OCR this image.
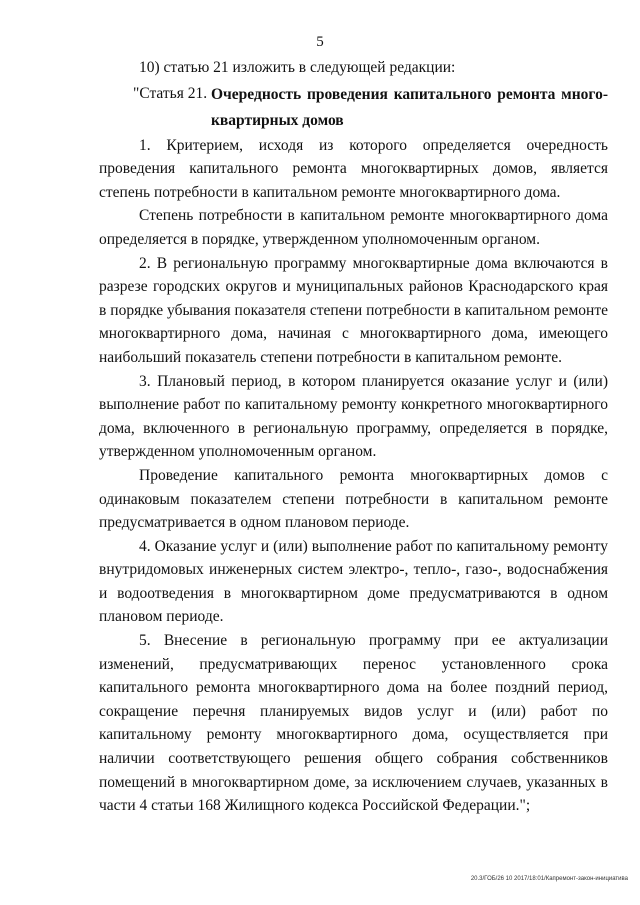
5

10) статью 21 изложить в следующей редакции:

"Статья 21. Очередность проведения капитального ремонта много-квартирных домов

1. Критерием, исходя из которого определяется очередность проведения капитального ремонта многоквартирных домов, является степень потребности в капитальном ремонте многоквартирного дома.

Степень потребности в капитальном ремонте многоквартирного дома определяется в порядке, утвержденном уполномоченным органом.

2. В региональную программу многоквартирные дома включаются в разрезе городских округов и муниципальных районов Краснодарского края в порядке убывания показателя степени потребности в капитальном ремонте многоквартирного дома, начиная с многоквартирного дома, имеющего наибольший показатель степени потребности в капитальном ремонте.

3. Плановый период, в котором планируется оказание услуг и (или) выполнение работ по капитальному ремонту конкретного многоквартирного дома, включенного в региональную программу, определяется в порядке, утвержденном уполномоченным органом.

Проведение капитального ремонта многоквартирных домов с одинаковым показателем степени потребности в капитальном ремонте предусматривается в одном плановом периоде.

4. Оказание услуг и (или) выполнение работ по капитальному ремонту внутридомовых инженерных систем электро-, тепло-, газо-, водоснабжения и водоотведения в многоквартирном доме предусматриваются в одном плановом периоде.

5. Внесение в региональную программу при ее актуализации изменений, предусматривающих перенос установленного срока капитального ремонта многоквартирного дома на более поздний период, сокращение перечня планируемых видов услуг и (или) работ по капитальному ремонту многоквартирного дома, осуществляется при наличии соответствующего решения общего собрания собственников помещений в многоквартирном доме, за исключением случаев, указанных в части 4 статьи 168 Жилищного кодекса Российской Федерации.";

20.3/ГОБ/26 10 2017/18:01/Капремонт-закон-инициатива
